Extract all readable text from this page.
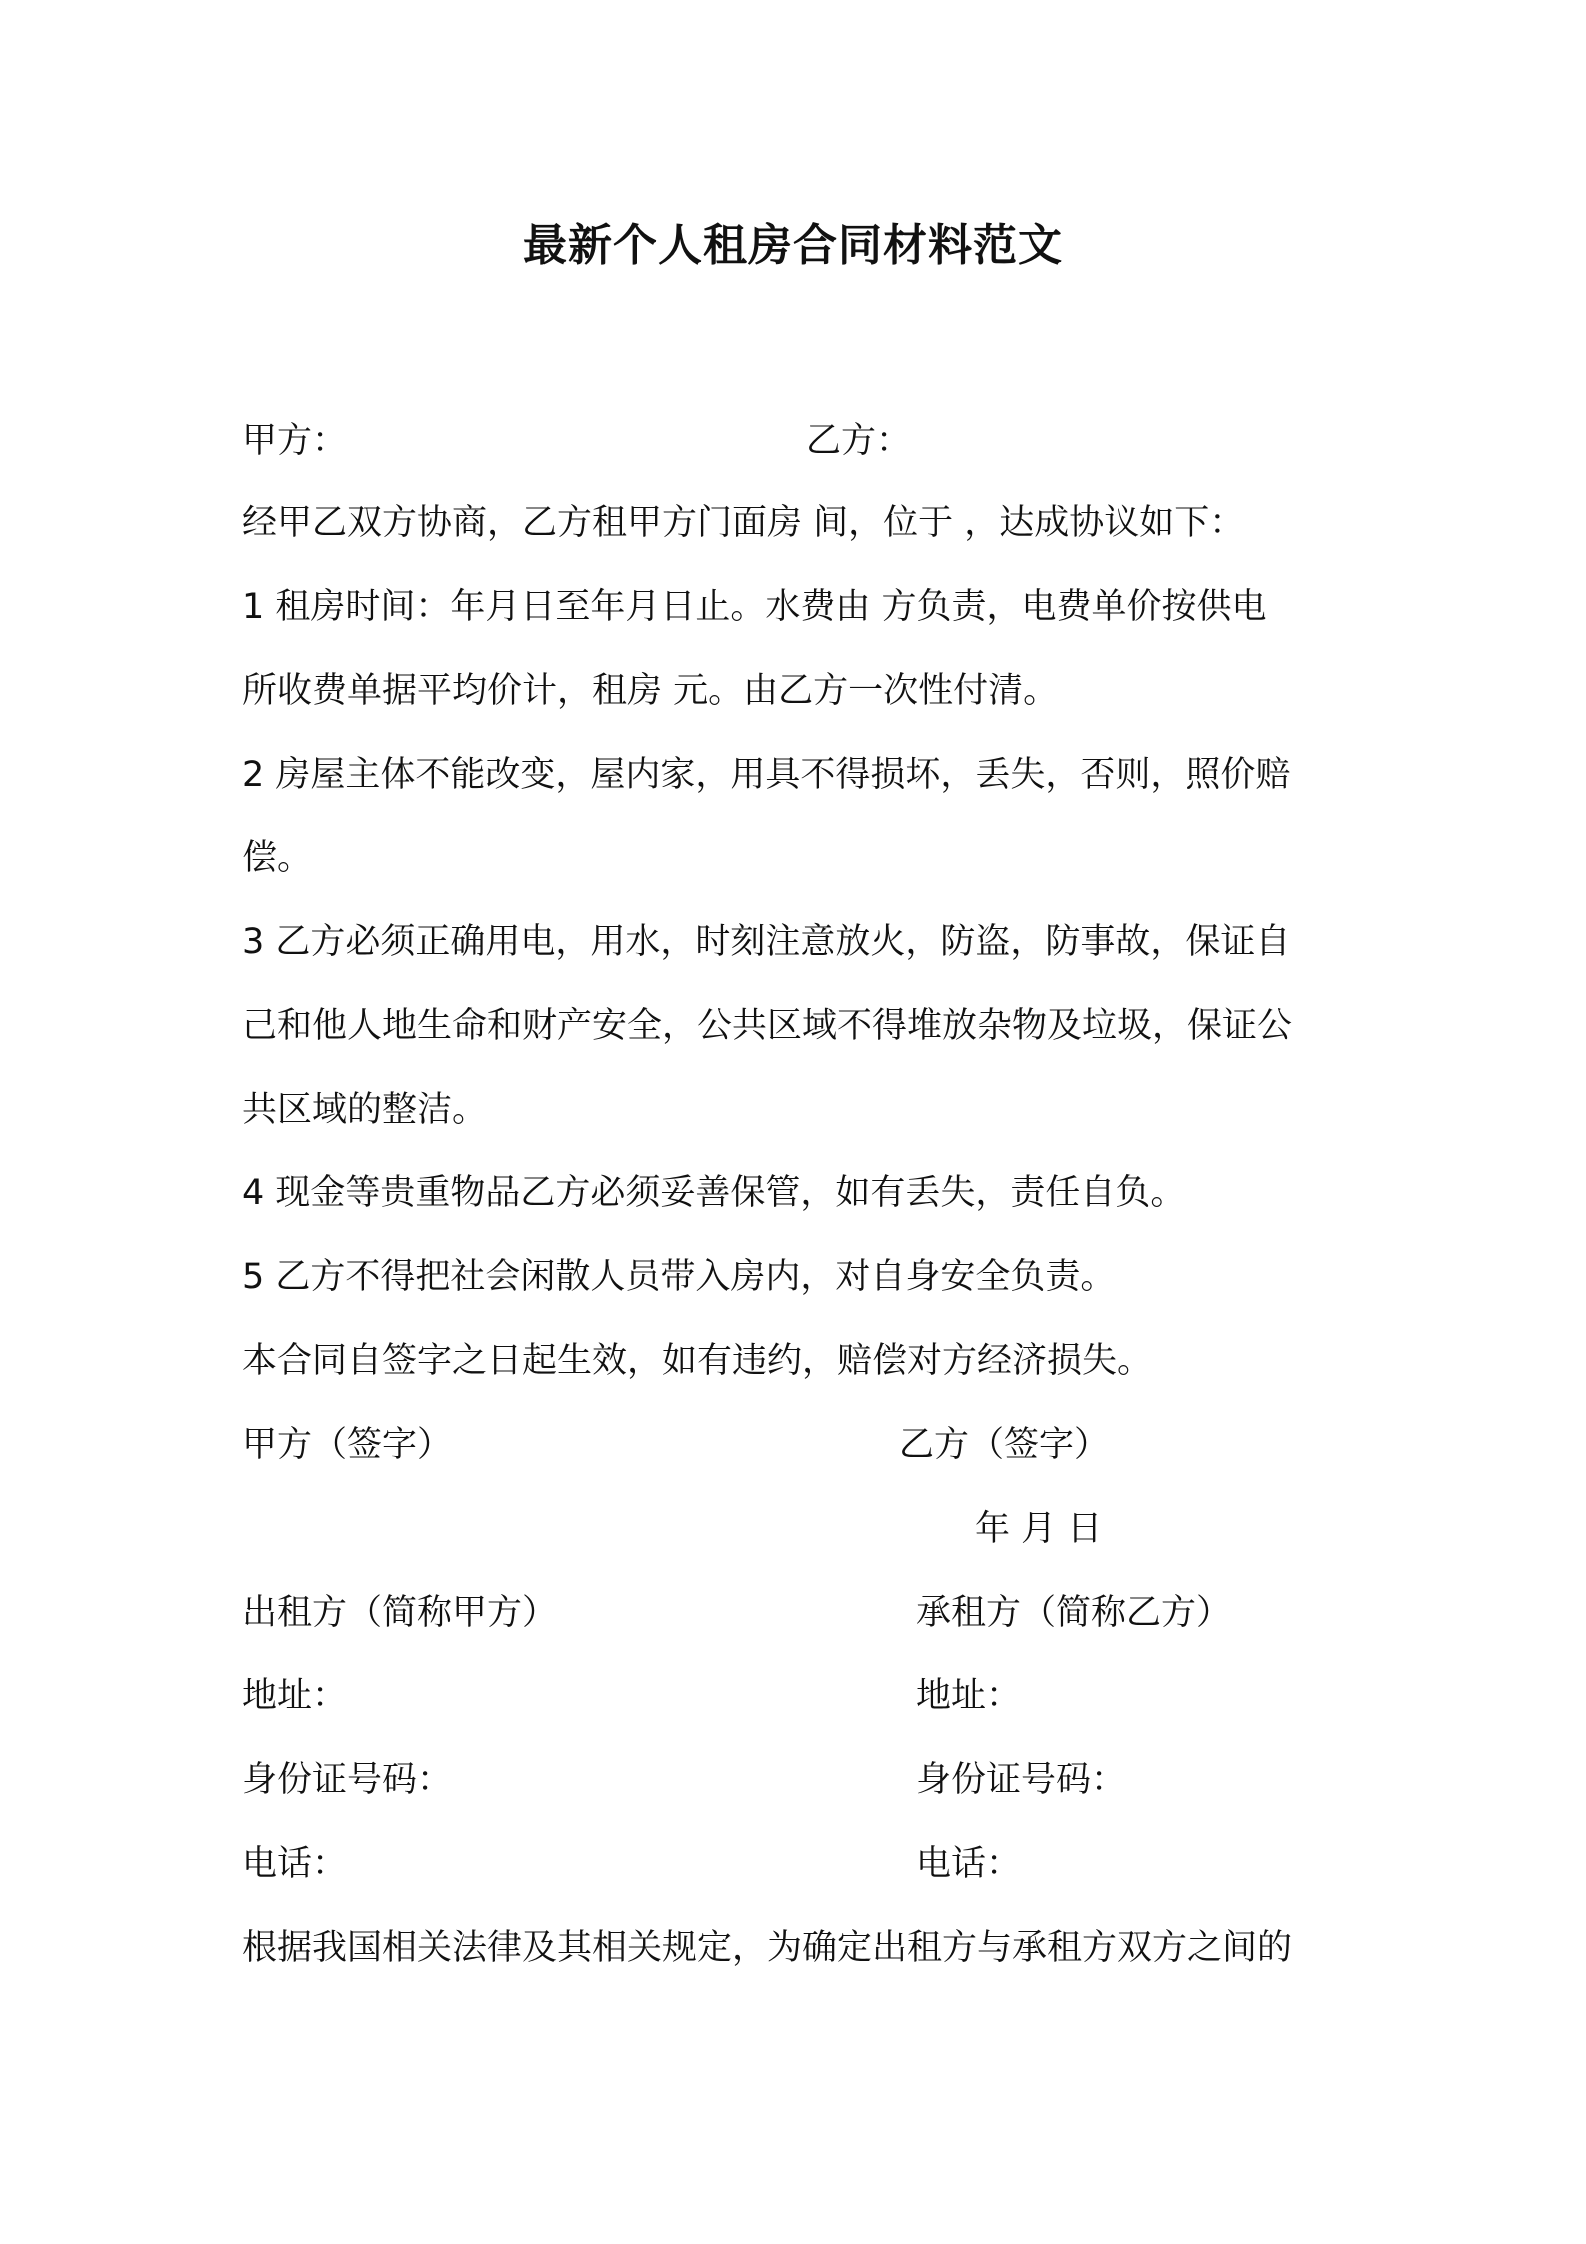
最新个人租房合同材料范文
甲方：	乙方：
经甲乙双方协商，乙方租甲方门面房 间，位于 ，达成协议如下：
1 租房时间：年月日至年月日止。水费由 方负责，电费单价按供电
所收费单据平均价计，租房 元。由乙方一次性付清。
2 房屋主体不能改变，屋内家，用具不得损坏，丢失，否则，照价赔
偿。
3 乙方必须正确用电，用水，时刻注意放火，防盗，防事故，保证自
己和他人地生命和财产安全，公共区域不得堆放杂物及垃圾，保证公
共区域的整洁。
4 现金等贵重物品乙方必须妥善保管，如有丢失，责任自负。
5 乙方不得把社会闲散人员带入房内，对自身安全负责。
本合同自签字之日起生效，如有违约，赔偿对方经济损失。
甲方（签字）	乙方（签字）
年 月 日
出租方（简称甲方）	承租方（简称乙方）
地址：	地址：
身份证号码：	身份证号码：
电话：	电话：
根据我国相关法律及其相关规定，为确定出租方与承租方双方之间的
